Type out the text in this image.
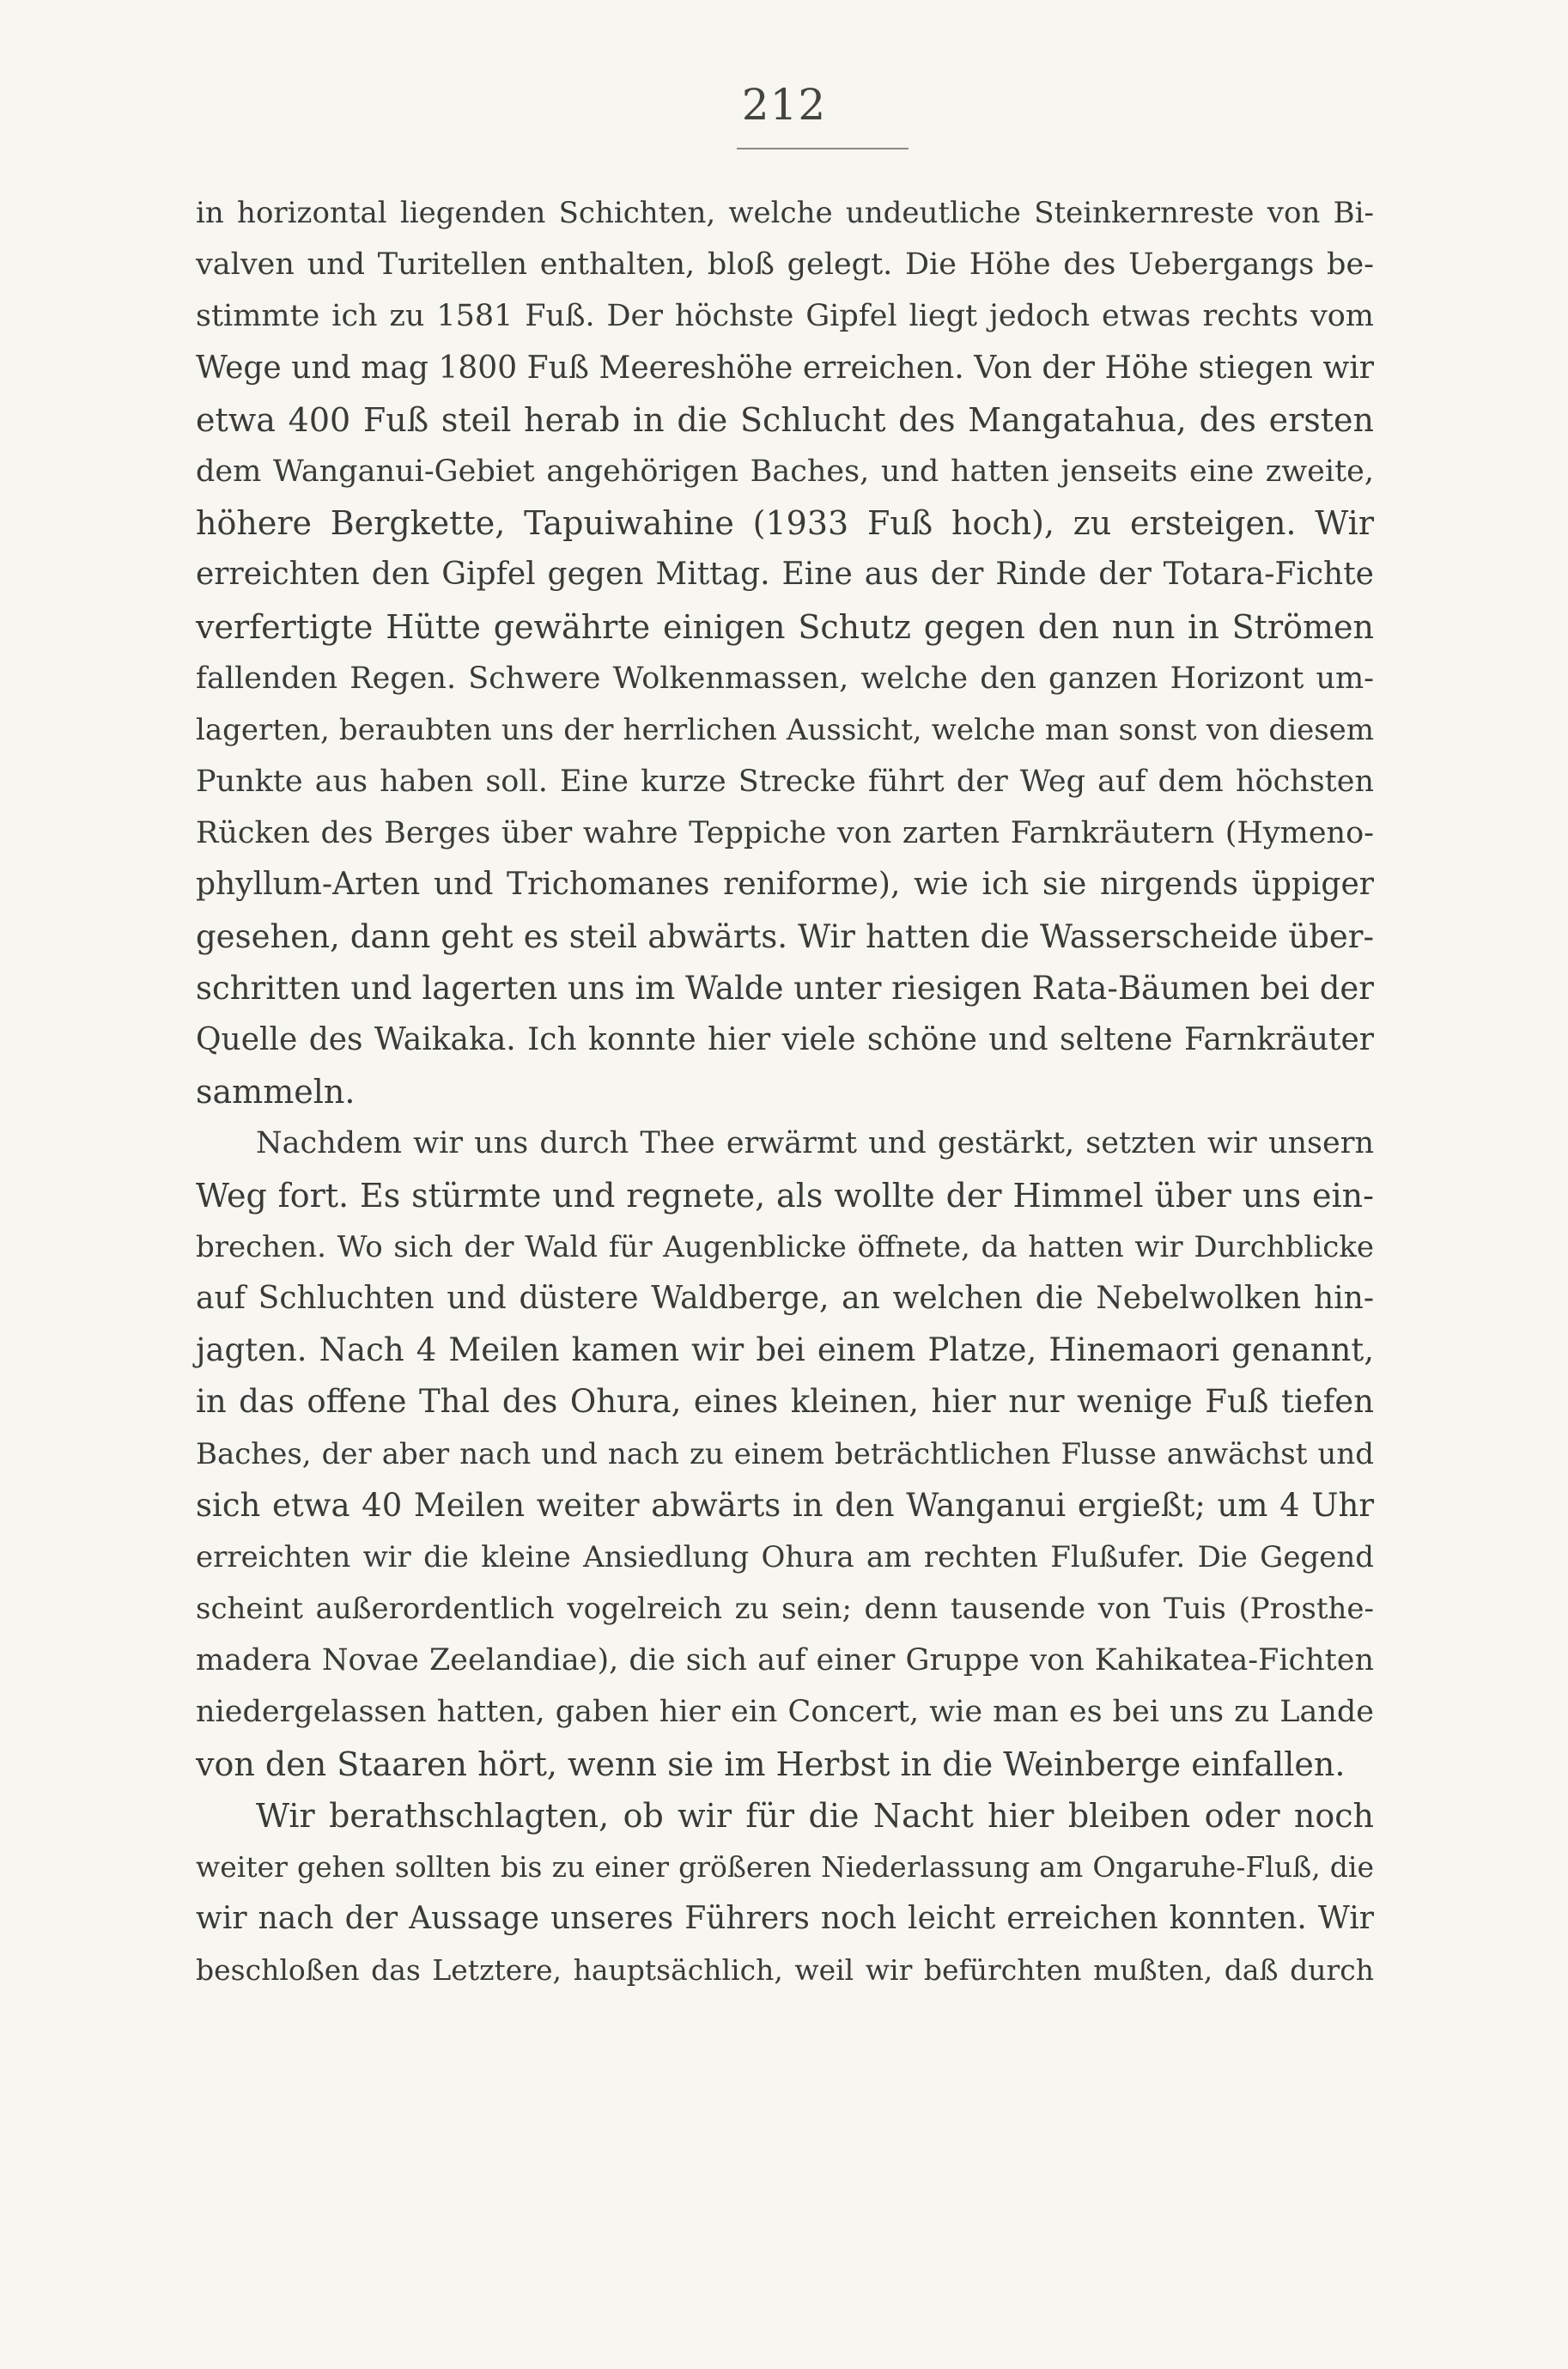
212
in horizontal liegenden Schichten, welche undeutliche Steinkernreste von Bi-
valven und Turitellen enthalten, bloß gelegt. Die Höhe des Uebergangs be-
stimmte ich zu 1581 Fuß. Der höchste Gipfel liegt jedoch etwas rechts vom
Wege und mag 1800 Fuß Meereshöhe erreichen. Von der Höhe stiegen wir
etwa 400 Fuß steil herab in die Schlucht des Mangatahua, des ersten
dem Wanganui-Gebiet angehörigen Baches, und hatten jenseits eine zweite,
höhere Bergkette, Tapuiwahine (1933 Fuß hoch), zu ersteigen. Wir
erreichten den Gipfel gegen Mittag. Eine aus der Rinde der Totara-Fichte
verfertigte Hütte gewährte einigen Schutz gegen den nun in Strömen
fallenden Regen. Schwere Wolkenmassen, welche den ganzen Horizont um-
lagerten, beraubten uns der herrlichen Aussicht, welche man sonst von diesem
Punkte aus haben soll. Eine kurze Strecke führt der Weg auf dem höchsten
Rücken des Berges über wahre Teppiche von zarten Farnkräutern (Hymeno-
phyllum-Arten und Trichomanes reniforme), wie ich sie nirgends üppiger
gesehen, dann geht es steil abwärts. Wir hatten die Wasserscheide über-
schritten und lagerten uns im Walde unter riesigen Rata-Bäumen bei der
Quelle des Waikaka. Ich konnte hier viele schöne und seltene Farnkräuter
sammeln.
Nachdem wir uns durch Thee erwärmt und gestärkt, setzten wir unsern
Weg fort. Es stürmte und regnete, als wollte der Himmel über uns ein-
brechen. Wo sich der Wald für Augenblicke öffnete, da hatten wir Durchblicke
auf Schluchten und düstere Waldberge, an welchen die Nebelwolken hin-
jagten. Nach 4 Meilen kamen wir bei einem Platze, Hinemaori genannt,
in das offene Thal des Ohura, eines kleinen, hier nur wenige Fuß tiefen
Baches, der aber nach und nach zu einem beträchtlichen Flusse anwächst und
sich etwa 40 Meilen weiter abwärts in den Wanganui ergießt; um 4 Uhr
erreichten wir die kleine Ansiedlung Ohura am rechten Flußufer. Die Gegend
scheint außerordentlich vogelreich zu sein; denn tausende von Tuis (Prosthe-
madera Novae Zeelandiae), die sich auf einer Gruppe von Kahikatea-Fichten
niedergelassen hatten, gaben hier ein Concert, wie man es bei uns zu Lande
von den Staaren hört, wenn sie im Herbst in die Weinberge einfallen.
Wir berathschlagten, ob wir für die Nacht hier bleiben oder noch
weiter gehen sollten bis zu einer größeren Niederlassung am Ongaruhe-Fluß, die
wir nach der Aussage unseres Führers noch leicht erreichen konnten. Wir
beschloßen das Letztere, hauptsächlich, weil wir befürchten mußten, daß durch
